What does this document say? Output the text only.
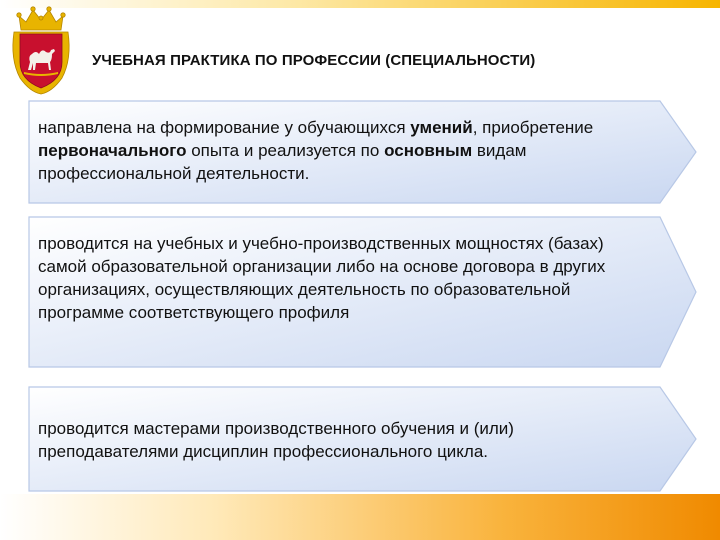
УЧЕБНАЯ ПРАКТИКА ПО ПРОФЕССИИ (СПЕЦИАЛЬНОСТИ)
направлена на формирование у обучающихся умений, приобретение первоначального опыта и реализуется по основным видам профессиональной деятельности.
проводится на учебных и учебно-производственных мощностях (базах) самой образовательной организации либо на основе договора в других организациях, осуществляющих деятельность по образовательной программе соответствующего профиля
проводится мастерами производственного обучения и (или) преподавателями дисциплин профессионального цикла.
